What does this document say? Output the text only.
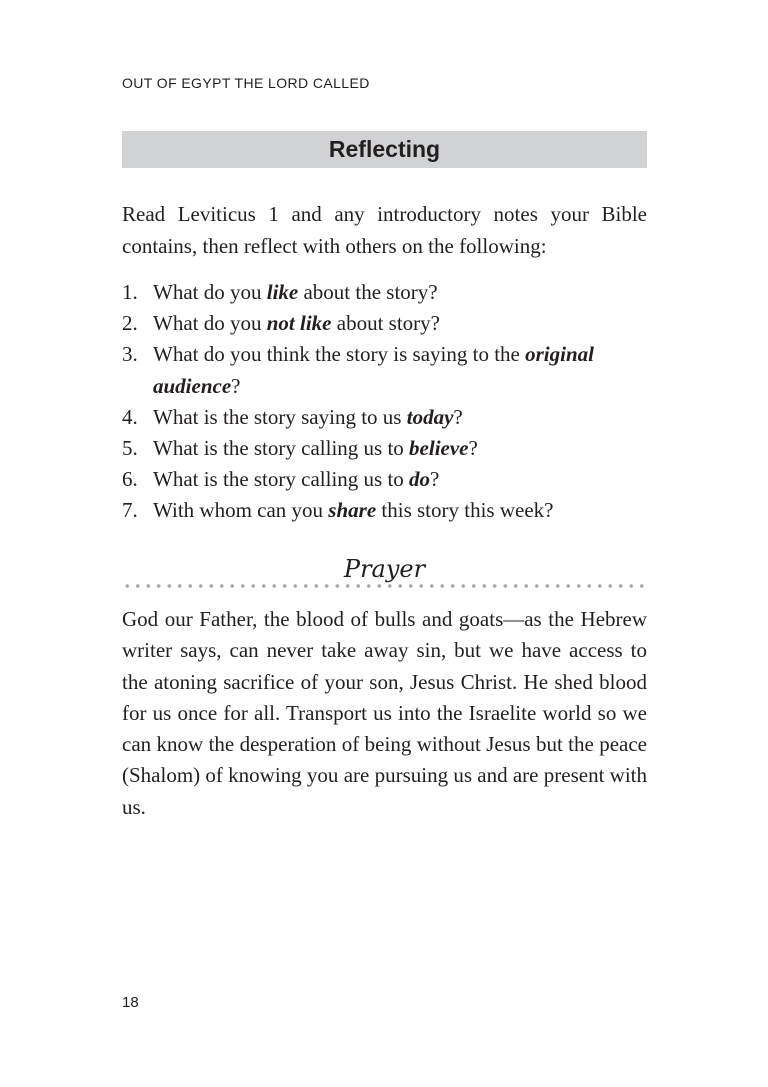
OUT OF EGYPT THE LORD CALLED
Reflecting

Read Leviticus 1 and any introductory notes your Bible contains, then reflect with others on the following:

1. What do you like about the story?
2. What do you not like about story?
3. What do you think the story is saying to the original audience?
4. What is the story saying to us today?
5. What is the story calling us to believe?
6. What is the story calling us to do?
7. With whom can you share this story this week?
Prayer

God our Father, the blood of bulls and goats—as the Hebrew writer says, can never take away sin, but we have access to the atoning sacrifice of your son, Jesus Christ. He shed blood for us once for all. Transport us into the Israelite world so we can know the desperation of being without Jesus but the peace (Shalom) of knowing you are pursuing us and are present with us.

18
